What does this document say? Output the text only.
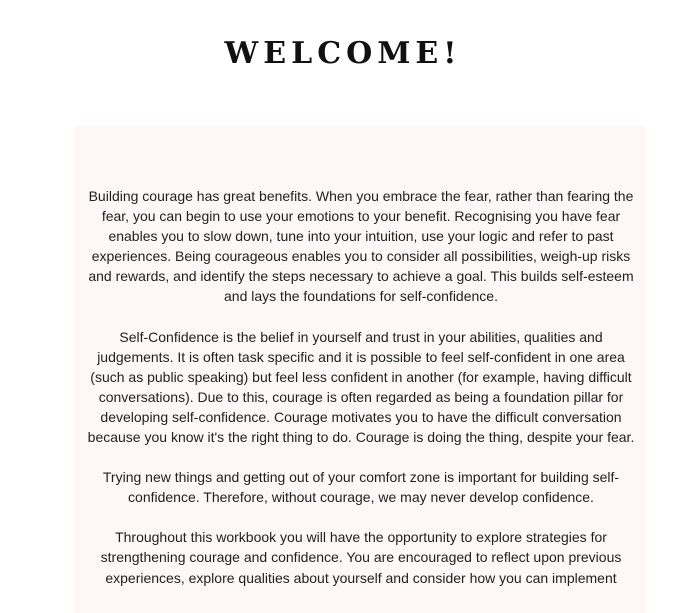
WELCOME!

Building courage has great benefits. When you embrace the fear, rather than fearing the fear, you can begin to use your emotions to your benefit. Recognising you have fear enables you to slow down, tune into your intuition, use your logic and refer to past experiences. Being courageous enables you to consider all possibilities, weigh-up risks and rewards, and identify the steps necessary to achieve a goal. This builds self-esteem and lays the foundations for self-confidence.

Self-Confidence is the belief in yourself and trust in your abilities, qualities and judgements. It is often task specific and it is possible to feel self-confident in one area (such as public speaking) but feel less confident in another (for example, having difficult conversations). Due to this, courage is often regarded as being a foundation pillar for developing self-confidence. Courage motivates you to have the difficult conversation because you know it's the right thing to do. Courage is doing the thing, despite your fear.

Trying new things and getting out of your comfort zone is important for building self-confidence. Therefore, without courage, we may never develop confidence.

Throughout this workbook you will have the opportunity to explore strategies for strengthening courage and confidence. You are encouraged to reflect upon previous experiences, explore qualities about yourself and consider how you can implement
